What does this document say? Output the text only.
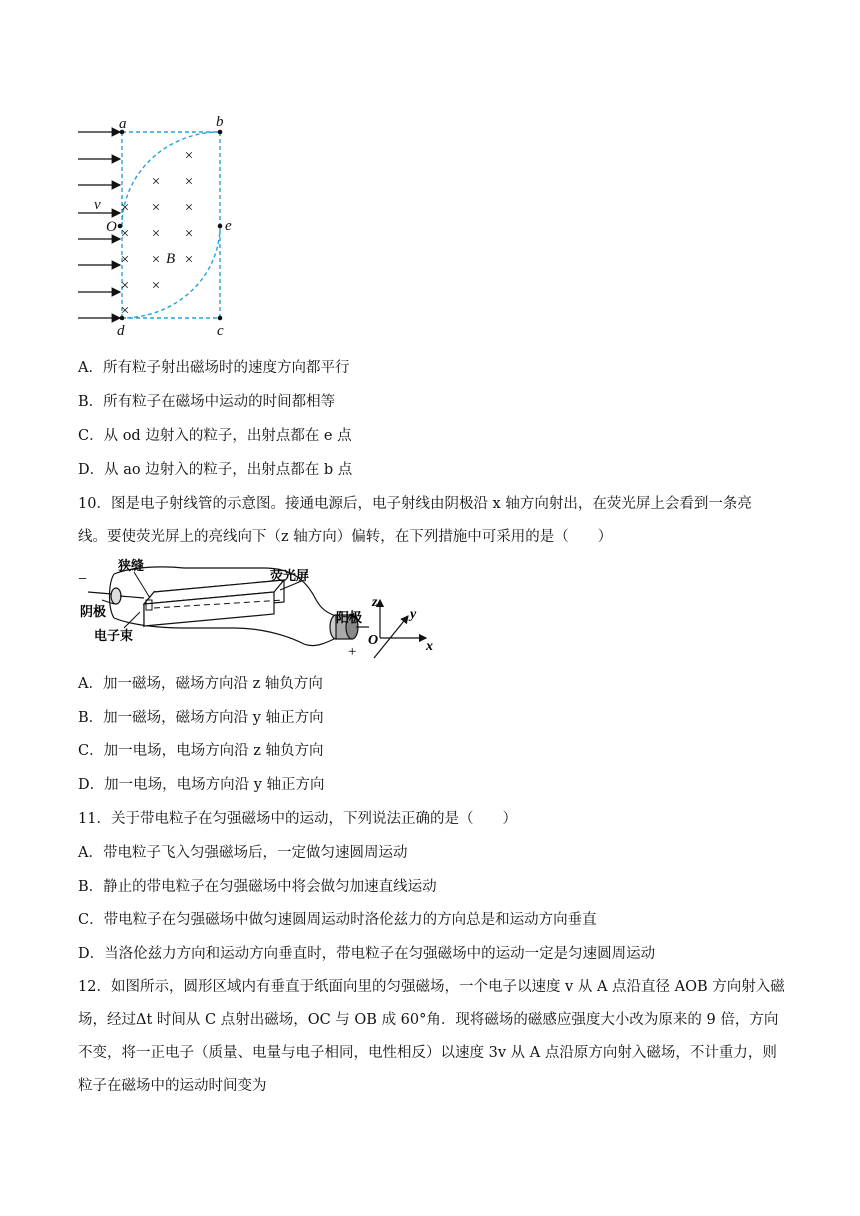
×
× ×
× × ×
× × ×
× × ×
× ×
×
a	b
e
d	c
O
v
B
A．所有粒子射出磁场时的速度方向都平行
B．所有粒子在磁场中运动的时间都相等
C．从 od 边射入的粒子，出射点都在 e 点
D．从 ao 边射入的粒子，出射点都在 b 点
10．图是电子射线管的示意图。接通电源后，电子射线由阴极沿 x 轴方向射出，在荧光屏上会看到一条亮
线。要使荧光屏上的亮线向下（z 轴方向）偏转，在下列措施中可采用的是（　　）
−
狭缝
荧光屏
阴极
电子束
阳极
+
z
y
x
O
A．加一磁场，磁场方向沿 z 轴负方向
B．加一磁场，磁场方向沿 y 轴正方向
C．加一电场，电场方向沿 z 轴负方向
D．加一电场，电场方向沿 y 轴正方向
11．关于带电粒子在匀强磁场中的运动，下列说法正确的是（　　）
A．带电粒子飞入匀强磁场后，一定做匀速圆周运动
B．静止的带电粒子在匀强磁场中将会做匀加速直线运动
C．带电粒子在匀强磁场中做匀速圆周运动时洛伦兹力的方向总是和运动方向垂直
D．当洛伦兹力方向和运动方向垂直时，带电粒子在匀强磁场中的运动一定是匀速圆周运动
12．如图所示，圆形区域内有垂直于纸面向里的匀强磁场，一个电子以速度 v 从 A 点沿直径 AOB 方向射入磁场，经过Δt 时间从 C 点射出磁场，OC 与 OB 成 60°角．现将磁场的磁感应强度大小改为原来的 9 倍，方向不变，将一正电子（质量、电量与电子相同，电性相反）以速度 3v 从 A 点沿原方向射入磁场，不计重力，则粒子在磁场中的运动时间变为
